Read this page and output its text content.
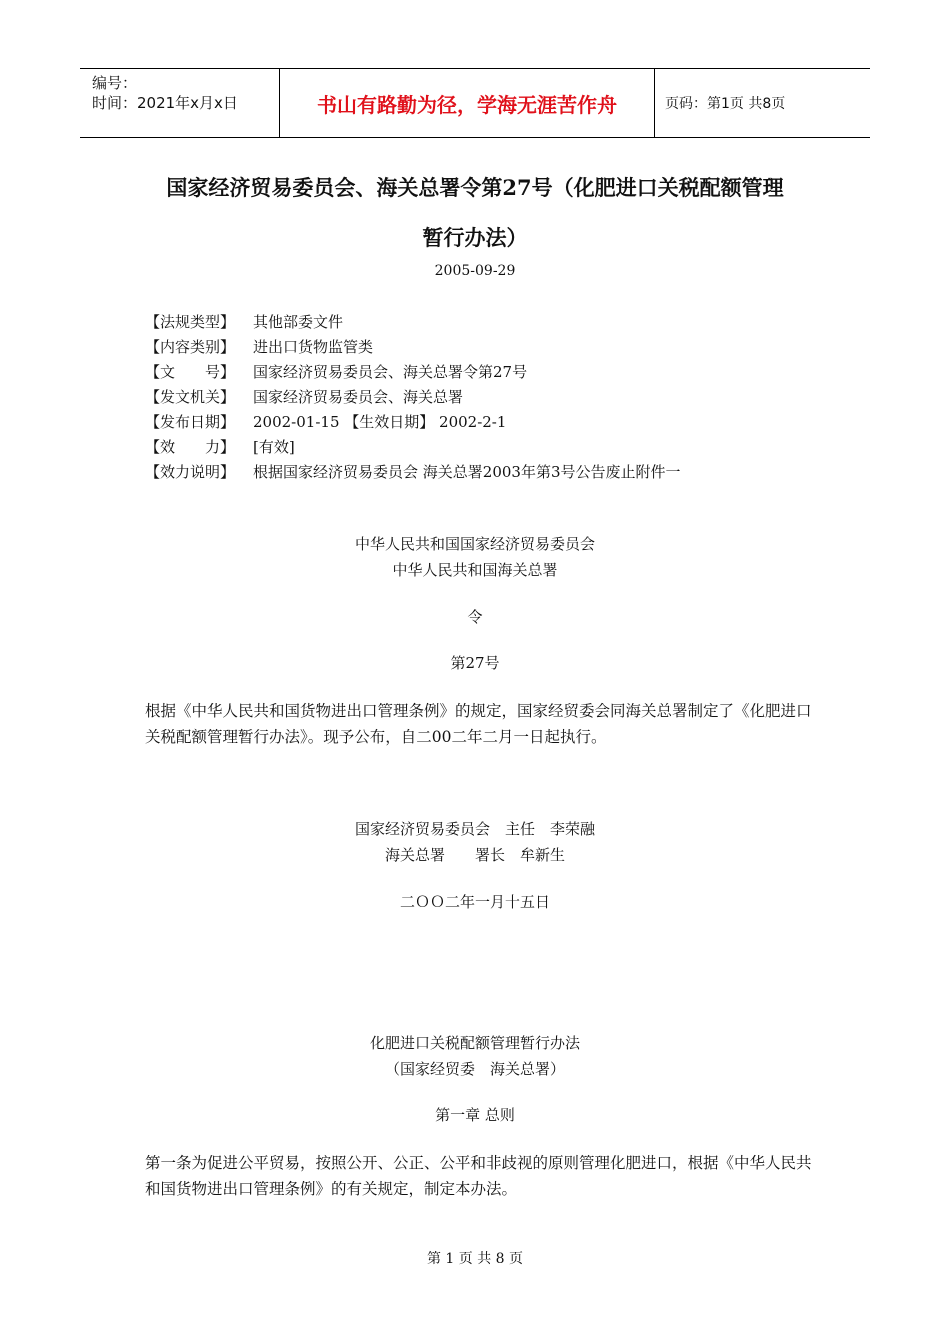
编号：
时间：2021年x月x日	书山有路勤为径，学海无涯苦作舟	页码：第1页 共8页
国家经济贸易委员会、海关总署令第27号（化肥进口关税配额管理
暂行办法）
2005-09-29
【法规类型】	其他部委文件
【内容类别】	进出口货物监管类
【文　　号】	国家经济贸易委员会、海关总署令第27号
【发文机关】	国家经济贸易委员会、海关总署
【发布日期】	2002-01-15 【生效日期】 2002-2-1
【效　　力】	[有效]
【效力说明】	根据国家经济贸易委员会 海关总署2003年第3号公告废止附件一
中华人民共和国国家经济贸易委员会
中华人民共和国海关总署
令
第27号
根据《中华人民共和国货物进出口管理条例》的规定，国家经贸委会同海关总署制定了《化肥进口关税配额管理暂行办法》。现予公布，自二00二年二月一日起执行。
国家经济贸易委员会　主任　李荣融
海关总署　　署长　牟新生
二ＯＯ二年一月十五日
化肥进口关税配额管理暂行办法
（国家经贸委　海关总署）
第一章 总则
第一条为促进公平贸易，按照公开、公正、公平和非歧视的原则管理化肥进口，根据《中华人民共和国货物进出口管理条例》的有关规定，制定本办法。
第 1 页 共 8 页
